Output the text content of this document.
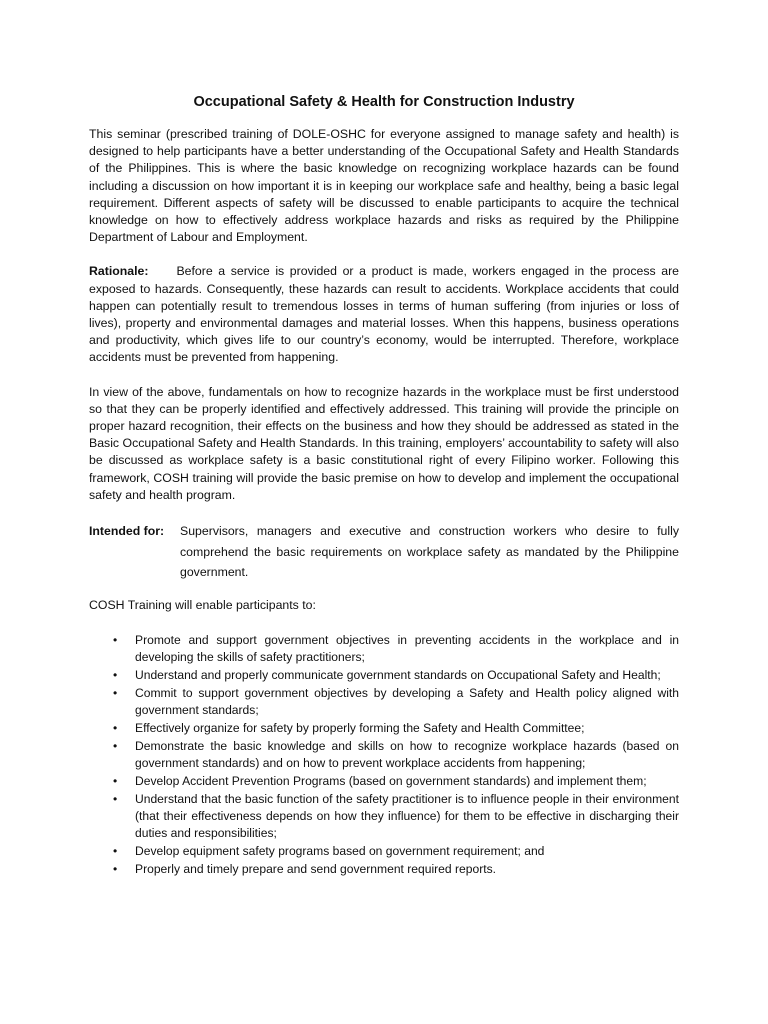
Occupational Safety & Health for Construction Industry

This seminar (prescribed training of DOLE-OSHC for everyone assigned to manage safety and health) is designed to help participants have a better understanding of the Occupational Safety and Health Standards of the Philippines. This is where the basic knowledge on recognizing workplace hazards can be found including a discussion on how important it is in keeping our workplace safe and healthy, being a basic legal requirement. Different aspects of safety will be discussed to enable participants to acquire the technical knowledge on how to effectively address workplace hazards and risks as required by the Philippine Department of Labour and Employment.

Rationale: Before a service is provided or a product is made, workers engaged in the process are exposed to hazards. Consequently, these hazards can result to accidents. Workplace accidents that could happen can potentially result to tremendous losses in terms of human suffering (from injuries or loss of lives), property and environmental damages and material losses. When this happens, business operations and productivity, which gives life to our country’s economy, would be interrupted. Therefore, workplace accidents must be prevented from happening.

In view of the above, fundamentals on how to recognize hazards in the workplace must be first understood so that they can be properly identified and effectively addressed. This training will provide the principle on proper hazard recognition, their effects on the business and how they should be addressed as stated in the Basic Occupational Safety and Health Standards. In this training, employers’ accountability to safety will also be discussed as workplace safety is a basic constitutional right of every Filipino worker. Following this framework, COSH training will provide the basic premise on how to develop and implement the occupational safety and health program.

Intended for:	Supervisors, managers and executive and construction workers who desire to fully comprehend the basic requirements on workplace safety as mandated by the Philippine government.
COSH Training will enable participants to:
• Promote and support government objectives in preventing accidents in the workplace and in developing the skills of safety practitioners;
• Understand and properly communicate government standards on Occupational Safety and Health;
• Commit to support government objectives by developing a Safety and Health policy aligned with government standards;
• Effectively organize for safety by properly forming the Safety and Health Committee;
• Demonstrate the basic knowledge and skills on how to recognize workplace hazards (based on government standards) and on how to prevent workplace accidents from happening;
• Develop Accident Prevention Programs (based on government standards) and implement them;
• Understand that the basic function of the safety practitioner is to influence people in their environment (that their effectiveness depends on how they influence) for them to be effective in discharging their duties and responsibilities;
• Develop equipment safety programs based on government requirement; and
• Properly and timely prepare and send government required reports.
